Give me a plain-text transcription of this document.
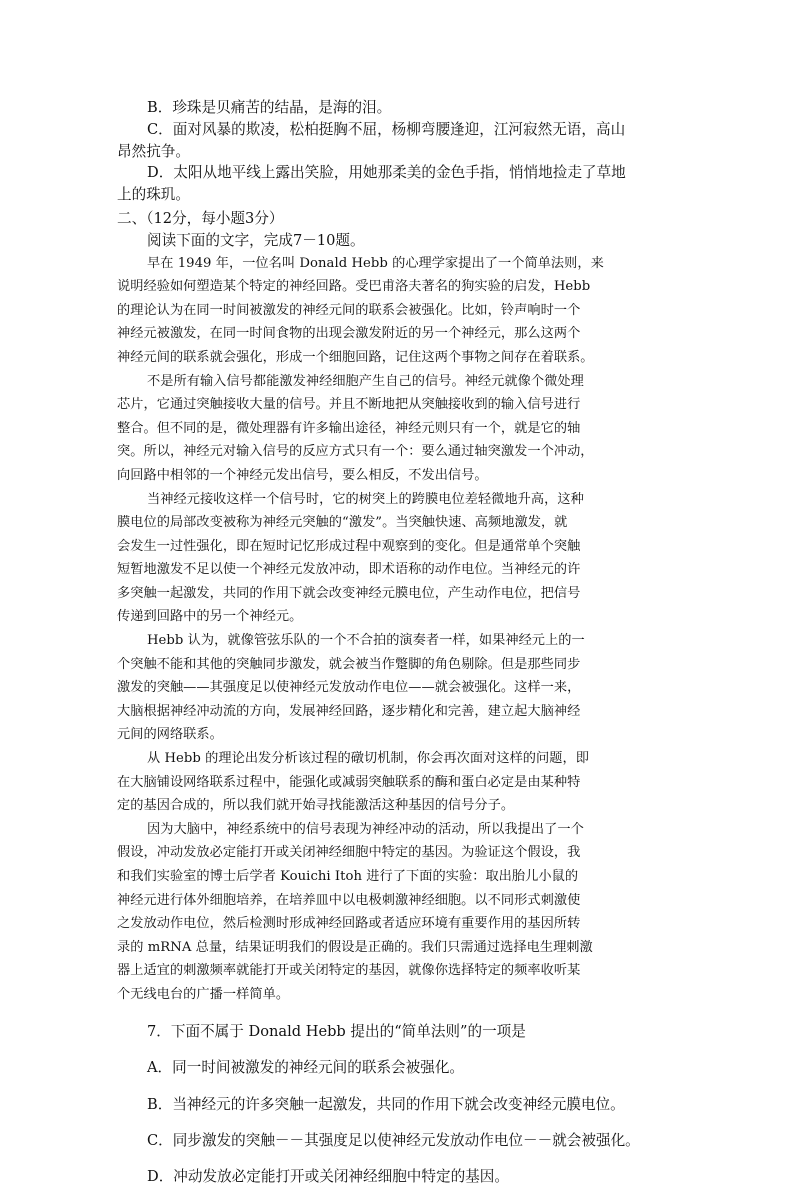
B．珍珠是贝痛苦的结晶，是海的泪。

C．面对风暴的欺凌，松柏挺胸不屈，杨柳弯腰逢迎，江河寂然无语，高山

昂然抗争。

D．太阳从地平线上露出笑脸，用她那柔美的金色手指，悄悄地捡走了草地

上的珠玑。

二、（12分，每小题3分）

阅读下面的文字，完成7－10题。

早在 1949 年，一位名叫 Donald Hebb 的心理学家提出了一个简单法则，来

说明经验如何塑造某个特定的神经回路。受巴甫洛夫著名的狗实验的启发，Hebb

的理论认为在同一时间被激发的神经元间的联系会被强化。比如，铃声响时一个

神经元被激发，在同一时间食物的出现会激发附近的另一个神经元，那么这两个

神经元间的联系就会强化，形成一个细胞回路，记住这两个事物之间存在着联系。

不是所有输入信号都能激发神经细胞产生自己的信号。神经元就像个微处理

芯片，它通过突触接收大量的信号。并且不断地把从突触接收到的输入信号进行

整合。但不同的是，微处理器有许多输出途径，神经元则只有一个，就是它的轴

突。所以，神经元对输入信号的反应方式只有一个：要么通过轴突激发一个冲动，

向回路中相邻的一个神经元发出信号，要么相反，不发出信号。

当神经元接收这样一个信号时，它的树突上的跨膜电位差轻微地升高，这种

膜电位的局部改变被称为神经元突触的“激发”。当突触快速、高频地激发，就

会发生一过性强化，即在短时记忆形成过程中观察到的变化。但是通常单个突触

短暂地激发不足以使一个神经元发放冲动，即术语称的动作电位。当神经元的许

多突触一起激发，共同的作用下就会改变神经元膜电位，产生动作电位，把信号

传递到回路中的另一个神经元。

Hebb 认为，就像管弦乐队的一个不合拍的演奏者一样，如果神经元上的一

个突触不能和其他的突触同步激发，就会被当作蹩脚的角色剔除。但是那些同步

激发的突触——其强度足以使神经元发放动作电位——就会被强化。这样一来，

大脑根据神经冲动流的方向，发展神经回路，逐步精化和完善，建立起大脑神经

元间的网络联系。

从 Hebb 的理论出发分析该过程的礅切机制，你会再次面对这样的问题，即

在大脑铺设网络联系过程中，能强化或减弱突触联系的酶和蛋白必定是由某种特

定的基因合成的，所以我们就开始寻找能激活这种基因的信号分子。

因为大脑中，神经系统中的信号表现为神经冲动的活动，所以我提出了一个

假设，冲动发放必定能打开或关闭神经细胞中特定的基因。为验证这个假设，我

和我们实验室的博士后学者 Kouichi Itoh 进行了下面的实验：取出胎儿小鼠的

神经元进行体外细胞培养，在培养皿中以电极刺激神经细胞。以不同形式刺激使

之发放动作电位，然后检测时形成神经回路或者适应环境有重要作用的基因所转

录的 mRNA 总量，结果证明我们的假设是正确的。我们只需通过选择电生理刺激

器上适宜的刺激频率就能打开或关闭特定的基因，就像你选择特定的频率收听某

个无线电台的广播一样简单。

7．下面不属于 Donald Hebb 提出的“简单法则”的一项是

A．同一时间被激发的神经元间的联系会被强化。

B．当神经元的许多突触一起激发，共同的作用下就会改变神经元膜电位。

C．同步激发的突触－－其强度足以使神经元发放动作电位－－就会被强化。

D．冲动发放必定能打开或关闭神经细胞中特定的基因。
